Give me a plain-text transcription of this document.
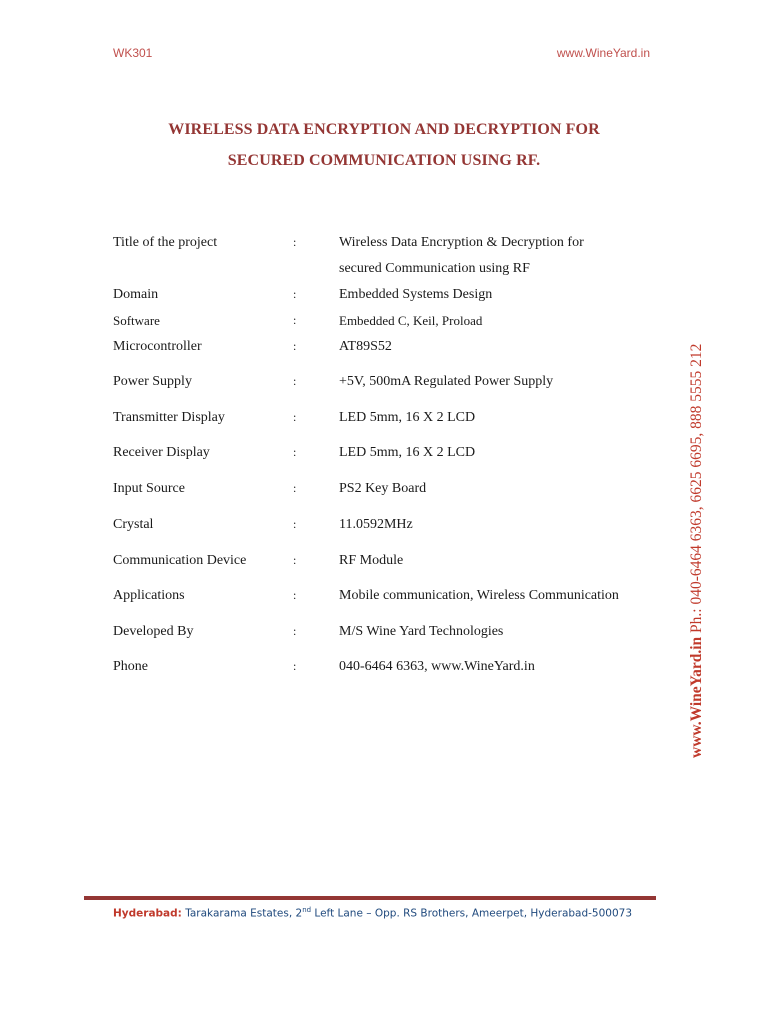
WK301	www.WineYard.in
WIRELESS DATA ENCRYPTION AND DECRYPTION FOR
SECURED COMMUNICATION USING RF.
Title of the project	:	Wireless Data Encryption & Decryption for
secured Communication using RF
Domain	:	Embedded Systems Design
Software	:	Embedded C, Keil, Proload
Microcontroller	:	AT89S52
Power Supply	:	+5V, 500mA Regulated Power Supply
Transmitter Display	:	LED 5mm, 16 X 2 LCD
Receiver Display	:	LED 5mm, 16 X 2 LCD
Input Source	:	PS2 Key Board
Crystal	:	11.0592MHz
Communication Device	:	RF Module
Applications	:	Mobile communication, Wireless Communication
Developed By	:	M/S Wine Yard Technologies
Phone	:	040-6464 6363, www.WineYard.in	www.WineYard.in Ph.: 040-6464 6363, 6625 6695, 888 5555 212
Hyderabad: Tarakarama Estates, 2nd Left Lane – Opp. RS Brothers, Ameerpet, Hyderabad-500073
